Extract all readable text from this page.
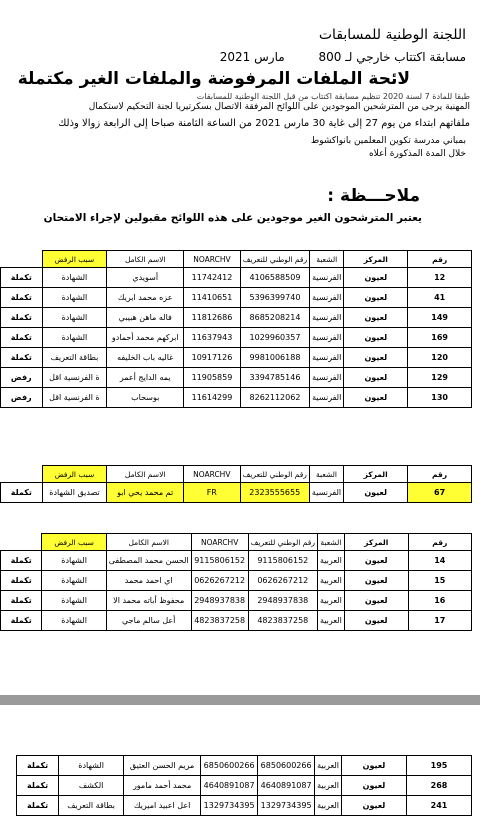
اللجنة الوطنية للمسابقات
مسابقة اكتتاب خارجي لـ 800 مارس 2021
لائحة الملفات المرفوضة والملفات الغير مكتملة
طبقا للمادة 7 لسنة 2020 تنظيم مسابقة اكتتاب من قبل اللجنة الوطنية للمسابقات
المهنية يرجى من المترشحين الموجودين على اللوائح المرفقة الاتصال بسكرتيريا لجنة التحكيم لاستكمال
ملفاتهم ابتداء من يوم 27 إلى غاية 30 مارس 2021 من الساعة الثامنة صباحا إلى الرابعة زوالا وذلك
بمباني مدرسة تكوين المعلمين بانواكشوط
خلال المدة المذكورة أعلاه
ملاحـــظة :
يعتبر المترشحون الغير موجودين على هذه اللوائح مقبولين لإجراء الامتحان
رقم	المركز	الشعبة	رقم الوطني للتعريف	NOARCHV	الاسم الكامل	سبب الرفض	
12	لعيون	الفرنسية	4106588509	11742412	أسويدي	الشهادة	تكملة
41	لعيون	الفرنسية	5396399740	11410651	عزه محمد ابريك	الشهادة	تكملة
149	لعيون	الفرنسية	8685208214	11812686	فاله ماهن هبيبي	الشهادة	تكملة
169	لعيون	الفرنسية	1029960357	11637943	ابركهم محمد أحمادو	الشهادة	تكملة
120	لعيون	الفرنسية	9981006188	10917126	غاليه باب الخليفه	بطاقة التعريف	تكملة
129	لعيون	الفرنسية	3394785146	11905859	يمه الدايج أعمر	ة الفرنسية اقل	رفض
130	لعيون	الفرنسية	8262112062	11614299	بوسحاب	ة الفرنسية اقل	رفض
رقم	المركز	الشعبة	رقم الوطني للتعريف	NOARCHV	الاسم الكامل	سبب الرفض	
67	لعيون	الفرنسية	2323555655	FR	تم محمد يحي ابو	تصديق الشهادة	تكملة
رقم	المركز	الشعبة	رقم الوطني للتعريف	NOARCHV	الاسم الكامل	سبب الرفض	
14	لعيون	العربية	9115806152	9115806152	الحسن محمد المصطفى	الشهادة	تكملة
15	لعيون	العربية	0626267212	0626267212	اي احمد محمد	الشهادة	تكملة
16	لعيون	العربية	2948937838	2948937838	محفوظ أباته محمد الا	الشهادة	تكملة
17	لعيون	العربية	4823837258	4823837258	أعل سالم ماجي	الشهادة	تكملة
195	لعيون	العربية	6850600266	6850600266	مريم الحسن العتيق	الشهادة	تكملة
268	لعيون	العربية	4640891087	4640891087	محمد أحمد مامور	الكشف	تكملة
241	لعيون	العربية	1329734395	1329734395	اعل اعبيد اميريك	بطاقة التعريف	تكملة
